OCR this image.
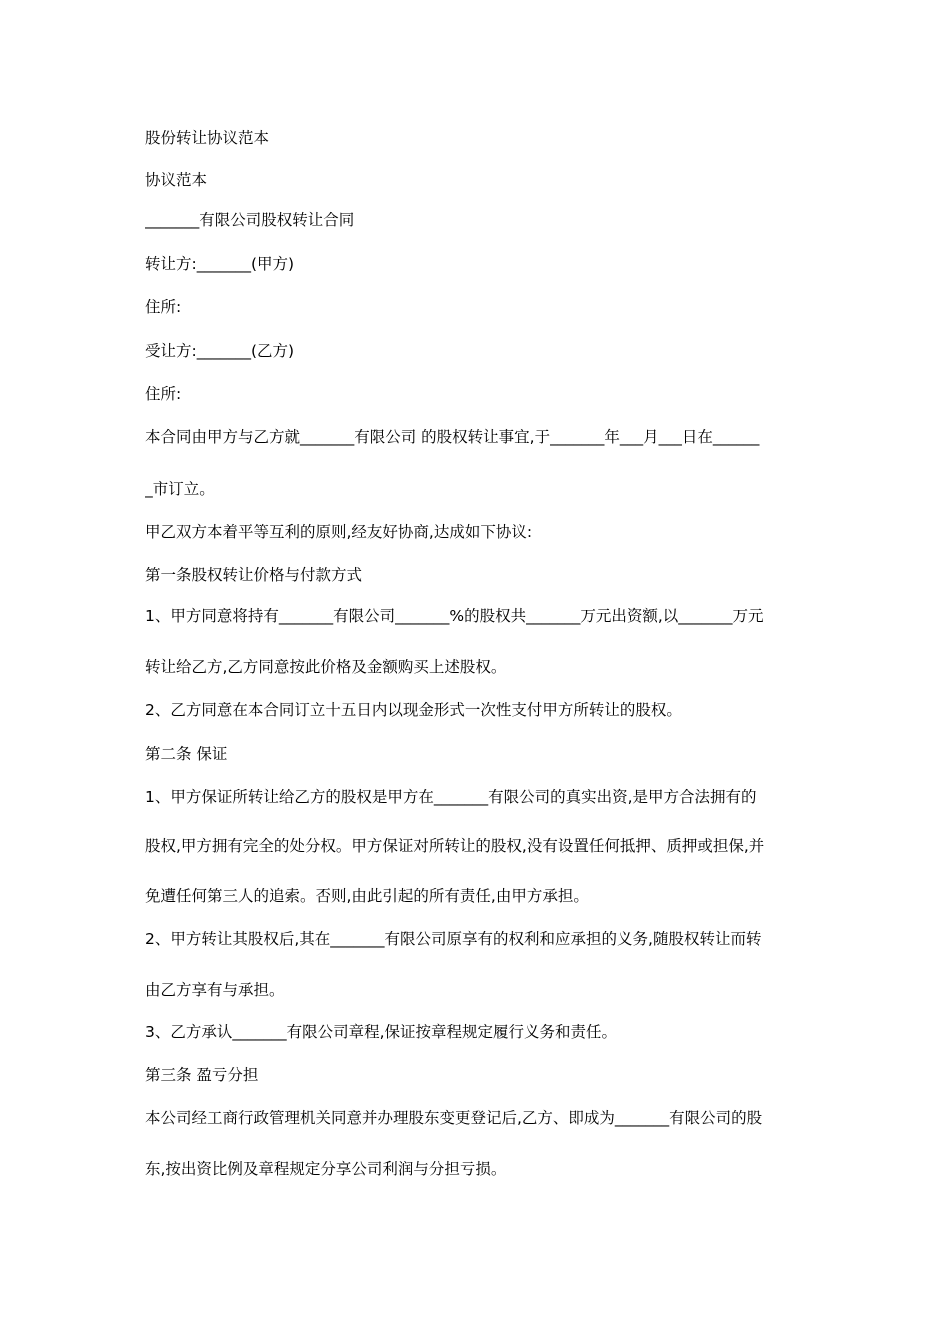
股份转让协议范本
协议范本
_______有限公司股权转让合同
转让方:_______(甲方)
住所:
受让方:_______(乙方)
住所:
本合同由甲方与乙方就_______有限公司 的股权转让事宜,于_______年___月___日在______
_市订立。
甲乙双方本着平等互利的原则,经友好协商,达成如下协议:
第一条股权转让价格与付款方式
1、甲方同意将持有_______有限公司_______%的股权共_______万元出资额,以_______万元
转让给乙方,乙方同意按此价格及金额购买上述股权。
2、乙方同意在本合同订立十五日内以现金形式一次性支付甲方所转让的股权。
第二条 保证
1、甲方保证所转让给乙方的股权是甲方在_______有限公司的真实出资,是甲方合法拥有的
股权,甲方拥有完全的处分权。甲方保证对所转让的股权,没有设置任何抵押、质押或担保,并
免遭任何第三人的追索。否则,由此引起的所有责任,由甲方承担。
2、甲方转让其股权后,其在_______有限公司原享有的权利和应承担的义务,随股权转让而转
由乙方享有与承担。
3、乙方承认_______有限公司章程,保证按章程规定履行义务和责任。
第三条 盈亏分担
本公司经工商行政管理机关同意并办理股东变更登记后,乙方、即成为_______有限公司的股
东,按出资比例及章程规定分享公司利润与分担亏损。
